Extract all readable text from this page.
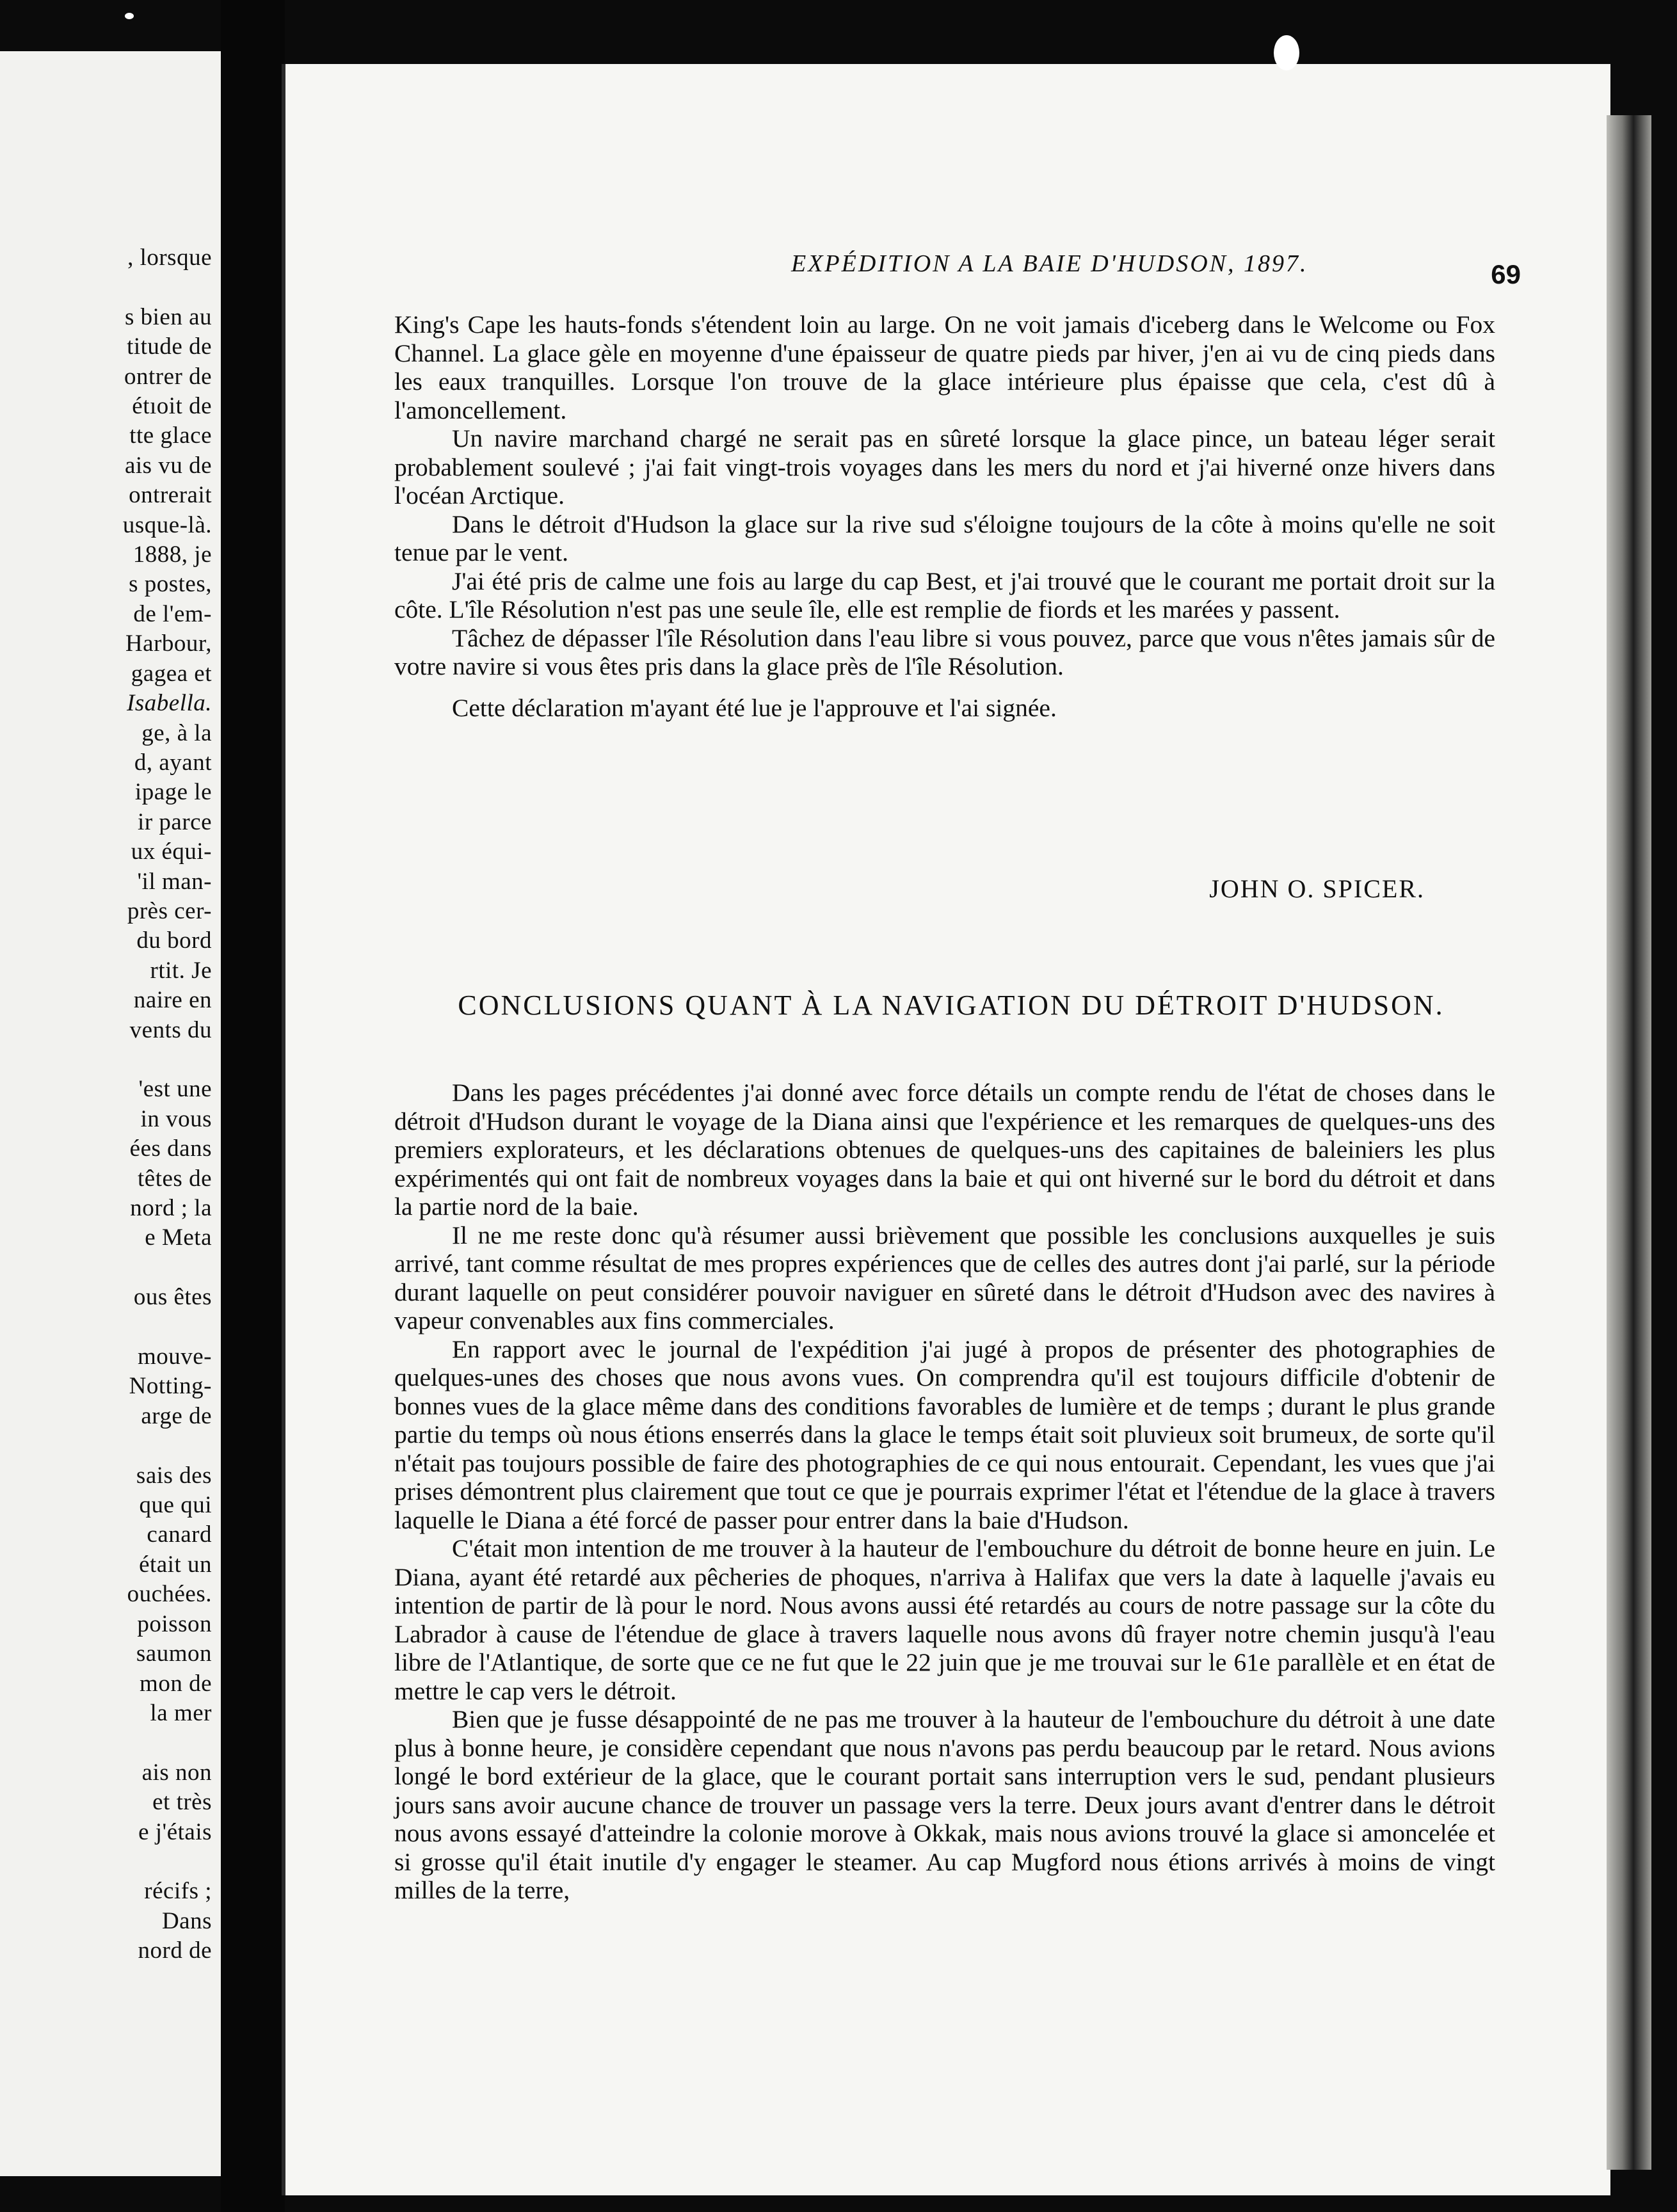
, lorsque

s bien au
titude de
ontrer de
étıoit de
tte glace
ais vu de
ontrerait
usque-là.
1888, je
s postes,
de l'em-
Harbour,
gagea et
Isabella.
ge, à la
d, ayant
ipage le
ir parce
ux équi-
'il man-
près cer-
du bord
rtit. Je
naire en
vents du

'est une
in vous
ées dans
têtes de
nord ; la
e Meta

ous êtes

mouve-
Notting-
arge de

sais des
que qui
canard
était un
ouchées.
poisson
saumon
mon de
la mer

ais non
et très
e j'étais

récifs ;
Dans
nord de
EXPÉDITION A LA BAIE D'HUDSON, 1897.	69

King's Cape les hauts-fonds s'étendent loin au large. On ne voit jamais d'iceberg dans le Welcome ou Fox Channel. La glace gèle en moyenne d'une épaisseur de quatre pieds par hiver, j'en ai vu de cinq pieds dans les eaux tranquilles. Lorsque l'on trouve de la glace intérieure plus épaisse que cela, c'est dû à l'amoncellement.

Un navire marchand chargé ne serait pas en sûreté lorsque la glace pince, un bateau léger serait probablement soulevé ; j'ai fait vingt-trois voyages dans les mers du nord et j'ai hiverné onze hivers dans l'océan Arctique.

Dans le détroit d'Hudson la glace sur la rive sud s'éloigne toujours de la côte à moins qu'elle ne soit tenue par le vent.

J'ai été pris de calme une fois au large du cap Best, et j'ai trouvé que le courant me portait droit sur la côte. L'île Résolution n'est pas une seule île, elle est remplie de fiords et les marées y passent.

Tâchez de dépasser l'île Résolution dans l'eau libre si vous pouvez, parce que vous n'êtes jamais sûr de votre navire si vous êtes pris dans la glace près de l'île Résolution.

Cette déclaration m'ayant été lue je l'approuve et l'ai signée.

JOHN O. SPICER.
CONCLUSIONS QUANT À LA NAVIGATION DU DÉTROIT D'HUDSON.

Dans les pages précédentes j'ai donné avec force détails un compte rendu de l'état de choses dans le détroit d'Hudson durant le voyage de la Diana ainsi que l'expérience et les remarques de quelques-uns des premiers explorateurs, et les déclarations obtenues de quelques-uns des capitaines de baleiniers les plus expérimentés qui ont fait de nombreux voyages dans la baie et qui ont hiverné sur le bord du détroit et dans la partie nord de la baie.

Il ne me reste donc qu'à résumer aussi brièvement que possible les conclusions auxquelles je suis arrivé, tant comme résultat de mes propres expériences que de celles des autres dont j'ai parlé, sur la période durant laquelle on peut considérer pouvoir naviguer en sûreté dans le détroit d'Hudson avec des navires à vapeur convenables aux fins commerciales.

En rapport avec le journal de l'expédition j'ai jugé à propos de présenter des photographies de quelques-unes des choses que nous avons vues. On comprendra qu'il est toujours difficile d'obtenir de bonnes vues de la glace même dans des conditions favorables de lumière et de temps ; durant le plus grande partie du temps où nous étions enserrés dans la glace le temps était soit pluvieux soit brumeux, de sorte qu'il n'était pas toujours possible de faire des photographies de ce qui nous entourait. Cependant, les vues que j'ai prises démontrent plus clairement que tout ce que je pourrais exprimer l'état et l'étendue de la glace à travers laquelle le Diana a été forcé de passer pour entrer dans la baie d'Hudson.

C'était mon intention de me trouver à la hauteur de l'embouchure du détroit de bonne heure en juin. Le Diana, ayant été retardé aux pêcheries de phoques, n'arriva à Halifax que vers la date à laquelle j'avais eu intention de partir de là pour le nord. Nous avons aussi été retardés au cours de notre passage sur la côte du Labrador à cause de l'étendue de glace à travers laquelle nous avons dû frayer notre chemin jusqu'à l'eau libre de l'Atlantique, de sorte que ce ne fut que le 22 juin que je me trouvai sur le 61e parallèle et en état de mettre le cap vers le détroit.

Bien que je fusse désappointé de ne pas me trouver à la hauteur de l'embouchure du détroit à une date plus à bonne heure, je considère cependant que nous n'avons pas perdu beaucoup par le retard. Nous avions longé le bord extérieur de la glace, que le courant portait sans interruption vers le sud, pendant plusieurs jours sans avoir aucune chance de trouver un passage vers la terre. Deux jours avant d'entrer dans le détroit nous avons essayé d'atteindre la colonie morove à Okkak, mais nous avions trouvé la glace si amoncelée et si grosse qu'il était inutile d'y engager le steamer. Au cap Mugford nous étions arrivés à moins de vingt milles de la terre,
